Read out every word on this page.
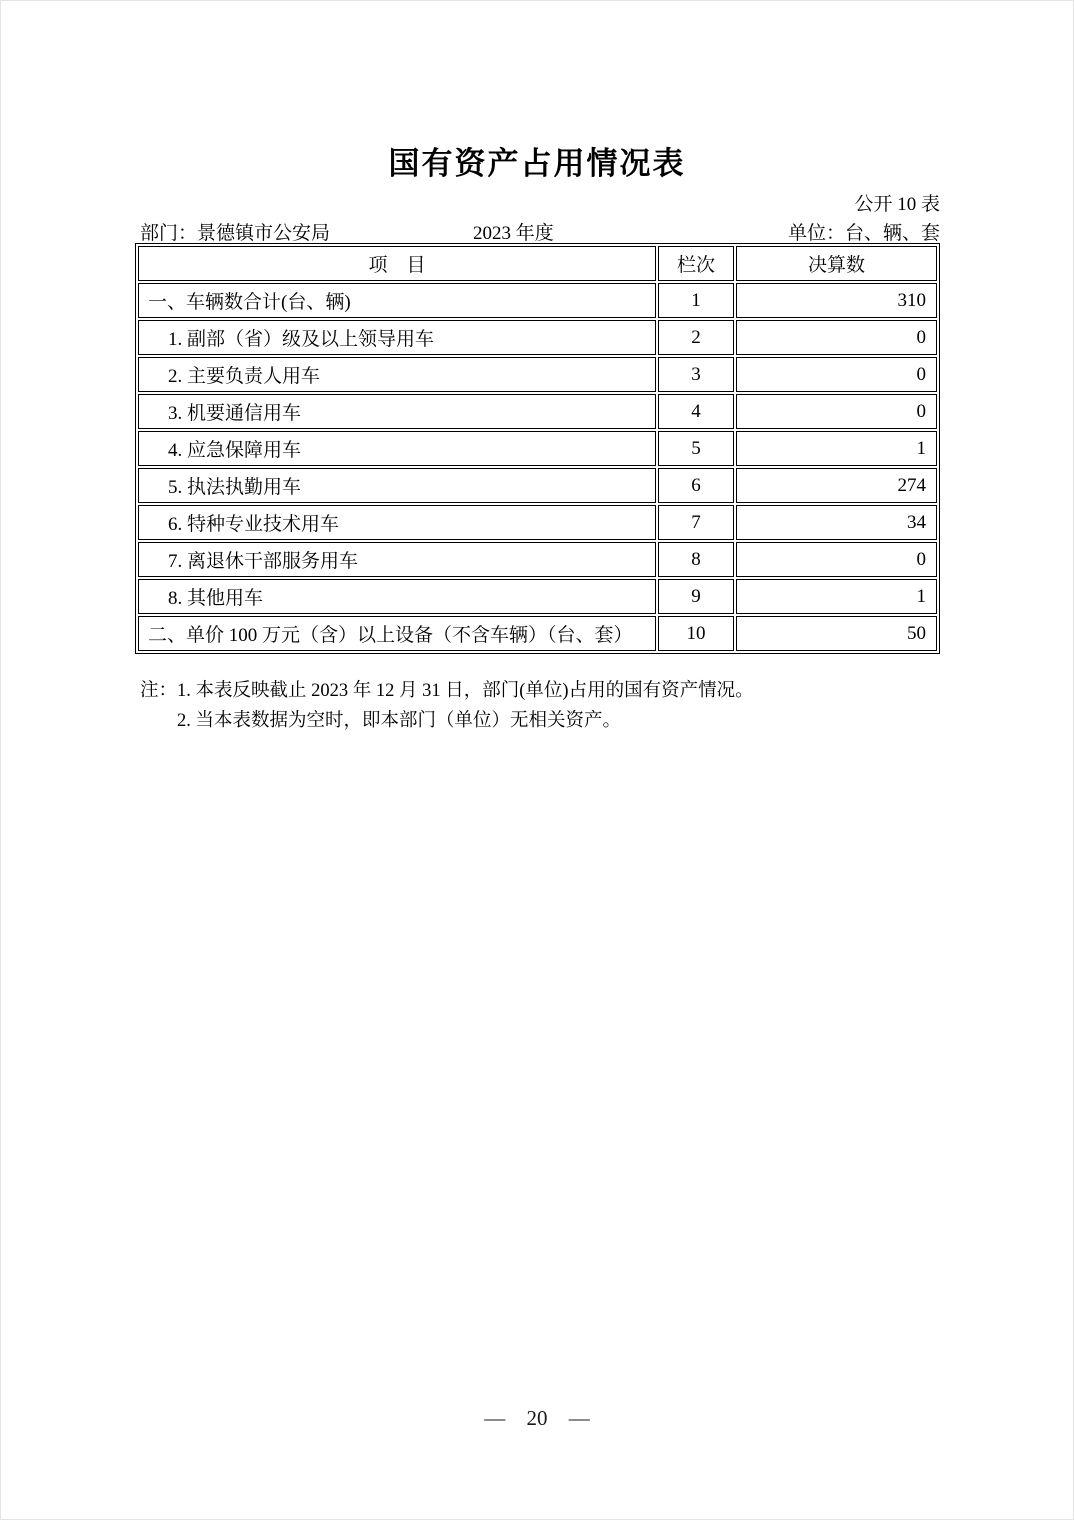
国有资产占用情况表
公开 10 表
部门：景德镇市公安局	2023 年度	单位：台、辆、套
项　目	栏次	决算数
一、车辆数合计(台、辆)	1	310
1. 副部（省）级及以上领导用车	2	0
2. 主要负责人用车	3	0
3. 机要通信用车	4	0
4. 应急保障用车	5	1
5. 执法执勤用车	6	274
6. 特种专业技术用车	7	34
7. 离退休干部服务用车	8	0
8. 其他用车	9	1
二、单价 100 万元（含）以上设备（不含车辆）（台、套）	10	50
注：1. 本表反映截止 2023 年 12 月 31 日，部门(单位)占用的国有资产情况。
2. 当本表数据为空时，即本部门（单位）无相关资产。
— 20 —
